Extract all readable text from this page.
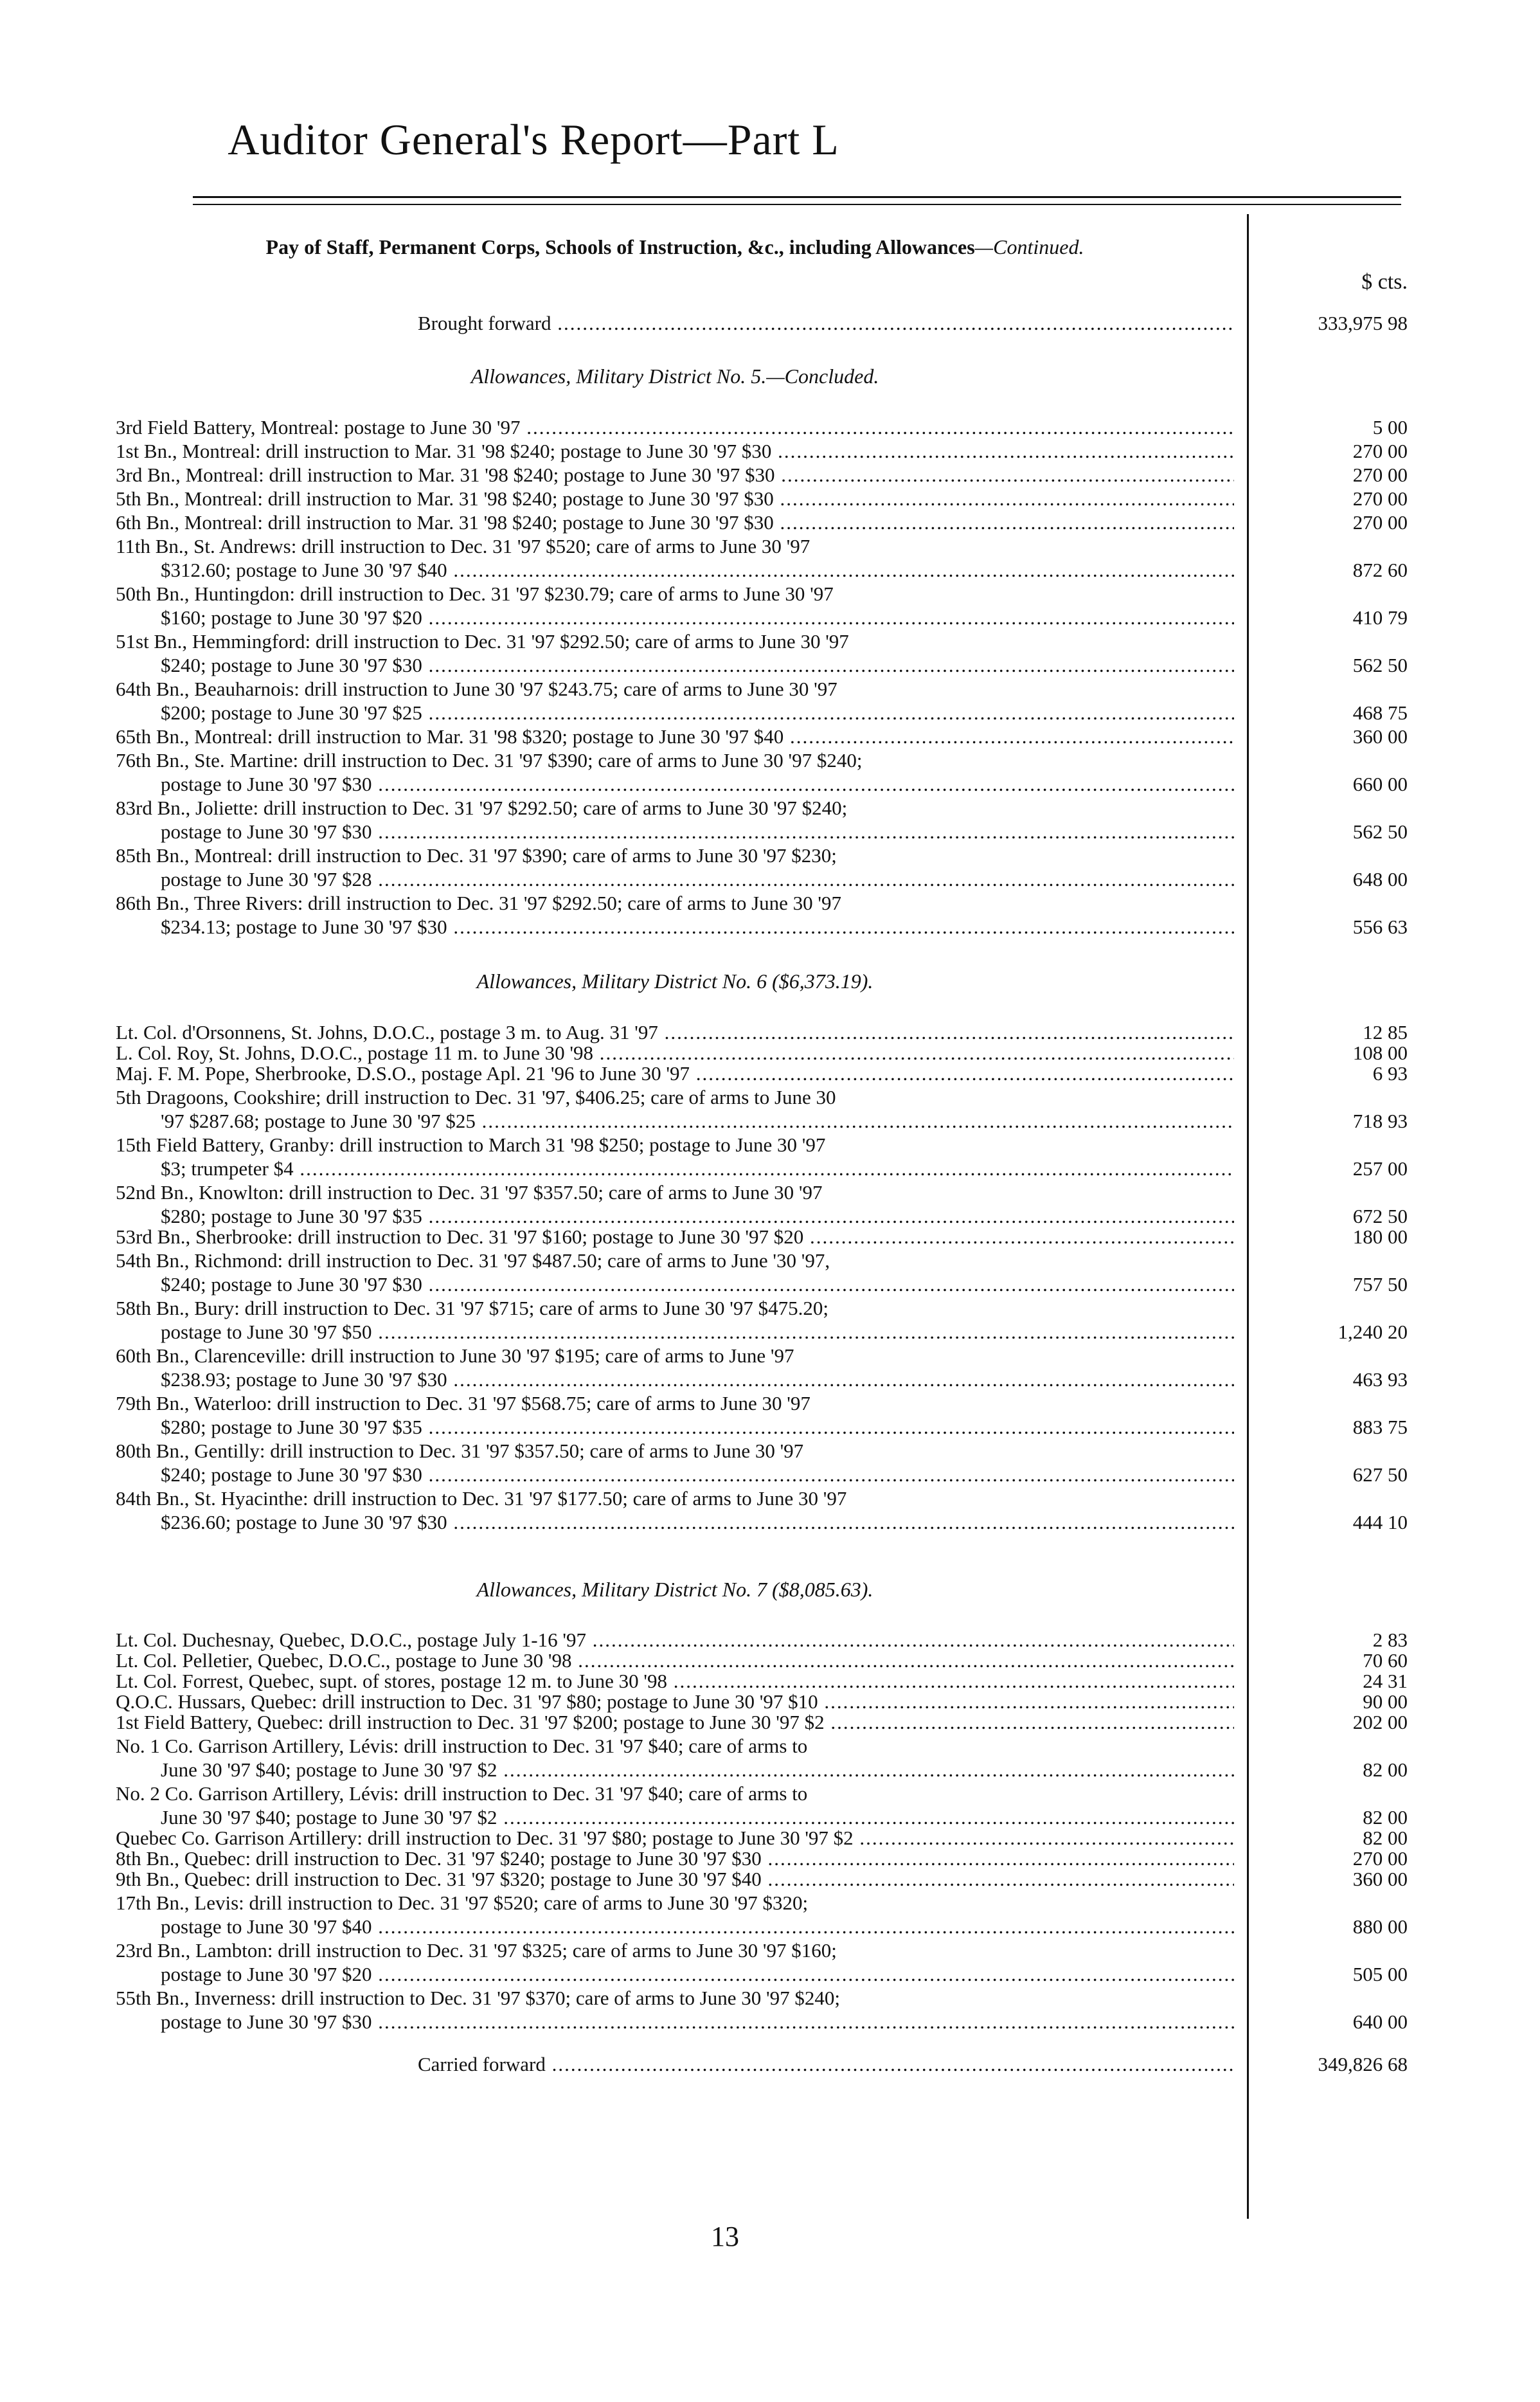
Auditor General's Report—Part L
Pay of Staff, Permanent Corps, Schools of Instruction, &c., including Allowances—Continued.
$ cts.
Brought forward .....	333,975 98
Allowances, Military District No. 5.—Concluded.
3rd Field Battery, Montreal: postage to June 30 '97 .....	5 00
1st Bn., Montreal: drill instruction to Mar. 31 '98 $240; postage to June 30 '97 $30 .....	270 00
3rd Bn., Montreal: drill instruction to Mar. 31 '98 $240; postage to June 30 '97 $30 .....	270 00
5th Bn., Montreal: drill instruction to Mar. 31 '98 $240; postage to June 30 '97 $30 .....	270 00
6th Bn., Montreal: drill instruction to Mar. 31 '98 $240; postage to June 30 '97 $30 .....	270 00
11th Bn., St. Andrews: drill instruction to Dec. 31 '97 $520; care of arms to June 30 '97
$312.60; postage to June 30 '97 $40 .....	872 60
50th Bn., Huntingdon: drill instruction to Dec. 31 '97 $230.79; care of arms to June 30 '97
$160; postage to June 30 '97 $20 .....	410 79
51st Bn., Hemmingford: drill instruction to Dec. 31 '97 $292.50; care of arms to June 30 '97
$240; postage to June 30 '97 $30 .....	562 50
64th Bn., Beauharnois: drill instruction to June 30 '97 $243.75; care of arms to June 30 '97
$200; postage to June 30 '97 $25 .....	468 75
65th Bn., Montreal: drill instruction to Mar. 31 '98 $320; postage to June 30 '97 $40 .....	360 00
76th Bn., Ste. Martine: drill instruction to Dec. 31 '97 $390; care of arms to June 30 '97 $240;
postage to June 30 '97 $30 .....	660 00
83rd Bn., Joliette: drill instruction to Dec. 31 '97 $292.50; care of arms to June 30 '97 $240;
postage to June 30 '97 $30 .....	562 50
85th Bn., Montreal: drill instruction to Dec. 31 '97 $390; care of arms to June 30 '97 $230;
postage to June 30 '97 $28 .....	648 00
86th Bn., Three Rivers: drill instruction to Dec. 31 '97 $292.50; care of arms to June 30 '97
$234.13; postage to June 30 '97 $30 .....	556 63
Allowances, Military District No. 6 ($6,373.19).
Lt. Col. d'Orsonnens, St. Johns, D.O.C., postage 3 m. to Aug. 31 '97 .....	12 85
L. Col. Roy, St. Johns, D.O.C., postage 11 m. to June 30 '98 .....	108 00
Maj. F. M. Pope, Sherbrooke, D.S.O., postage Apl. 21 '96 to June 30 '97 .....	6 93
5th Dragoons, Cookshire; drill instruction to Dec. 31 '97, $406.25; care of arms to June 30
'97 $287.68; postage to June 30 '97 $25 .....	718 93
15th Field Battery, Granby: drill instruction to March 31 '98 $250; postage to June 30 '97
$3; trumpeter $4 .....	257 00
52nd Bn., Knowlton: drill instruction to Dec. 31 '97 $357.50; care of arms to June 30 '97
$280; postage to June 30 '97 $35 .....	672 50
53rd Bn., Sherbrooke: drill instruction to Dec. 31 '97 $160; postage to June 30 '97 $20 .....	180 00
54th Bn., Richmond: drill instruction to Dec. 31 '97 $487.50; care of arms to June '30 '97,
$240; postage to June 30 '97 $30 .....	757 50
58th Bn., Bury: drill instruction to Dec. 31 '97 $715; care of arms to June 30 '97 $475.20;
postage to June 30 '97 $50 .....	1,240 20
60th Bn., Clarenceville: drill instruction to June 30 '97 $195; care of arms to June '97
$238.93; postage to June 30 '97 $30 .....	463 93
79th Bn., Waterloo: drill instruction to Dec. 31 '97 $568.75; care of arms to June 30 '97
$280; postage to June 30 '97 $35 .....	883 75
80th Bn., Gentilly: drill instruction to Dec. 31 '97 $357.50; care of arms to June 30 '97
$240; postage to June 30 '97 $30 .....	627 50
84th Bn., St. Hyacinthe: drill instruction to Dec. 31 '97 $177.50; care of arms to June 30 '97
$236.60; postage to June 30 '97 $30 .....	444 10
Allowances, Military District No. 7 ($8,085.63).
Lt. Col. Duchesnay, Quebec, D.O.C., postage July 1-16 '97 .....	2 83
Lt. Col. Pelletier, Quebec, D.O.C., postage to June 30 '98 .....	70 60
Lt. Col. Forrest, Quebec, supt. of stores, postage 12 m. to June 30 '98 .....	24 31
Q.O.C. Hussars, Quebec: drill instruction to Dec. 31 '97 $80; postage to June 30 '97 $10 .....	90 00
1st Field Battery, Quebec: drill instruction to Dec. 31 '97 $200; postage to June 30 '97 $2 .....	202 00
No. 1 Co. Garrison Artillery, Lévis: drill instruction to Dec. 31 '97 $40; care of arms to
June 30 '97 $40; postage to June 30 '97 $2 .....	82 00
No. 2 Co. Garrison Artillery, Lévis: drill instruction to Dec. 31 '97 $40; care of arms to
June 30 '97 $40; postage to June 30 '97 $2 .....	82 00
Quebec Co. Garrison Artillery: drill instruction to Dec. 31 '97 $80; postage to June 30 '97 $2 .....	82 00
8th Bn., Quebec: drill instruction to Dec. 31 '97 $240; postage to June 30 '97 $30 .....	270 00
9th Bn., Quebec: drill instruction to Dec. 31 '97 $320; postage to June 30 '97 $40 .....	360 00
17th Bn., Levis: drill instruction to Dec. 31 '97 $520; care of arms to June 30 '97 $320;
postage to June 30 '97 $40 .....	880 00
23rd Bn., Lambton: drill instruction to Dec. 31 '97 $325; care of arms to June 30 '97 $160;
postage to June 30 '97 $20 .....	505 00
55th Bn., Inverness: drill instruction to Dec. 31 '97 $370; care of arms to June 30 '97 $240;
postage to June 30 '97 $30 .....	640 00
Carried forward .....	349,826 68
13
